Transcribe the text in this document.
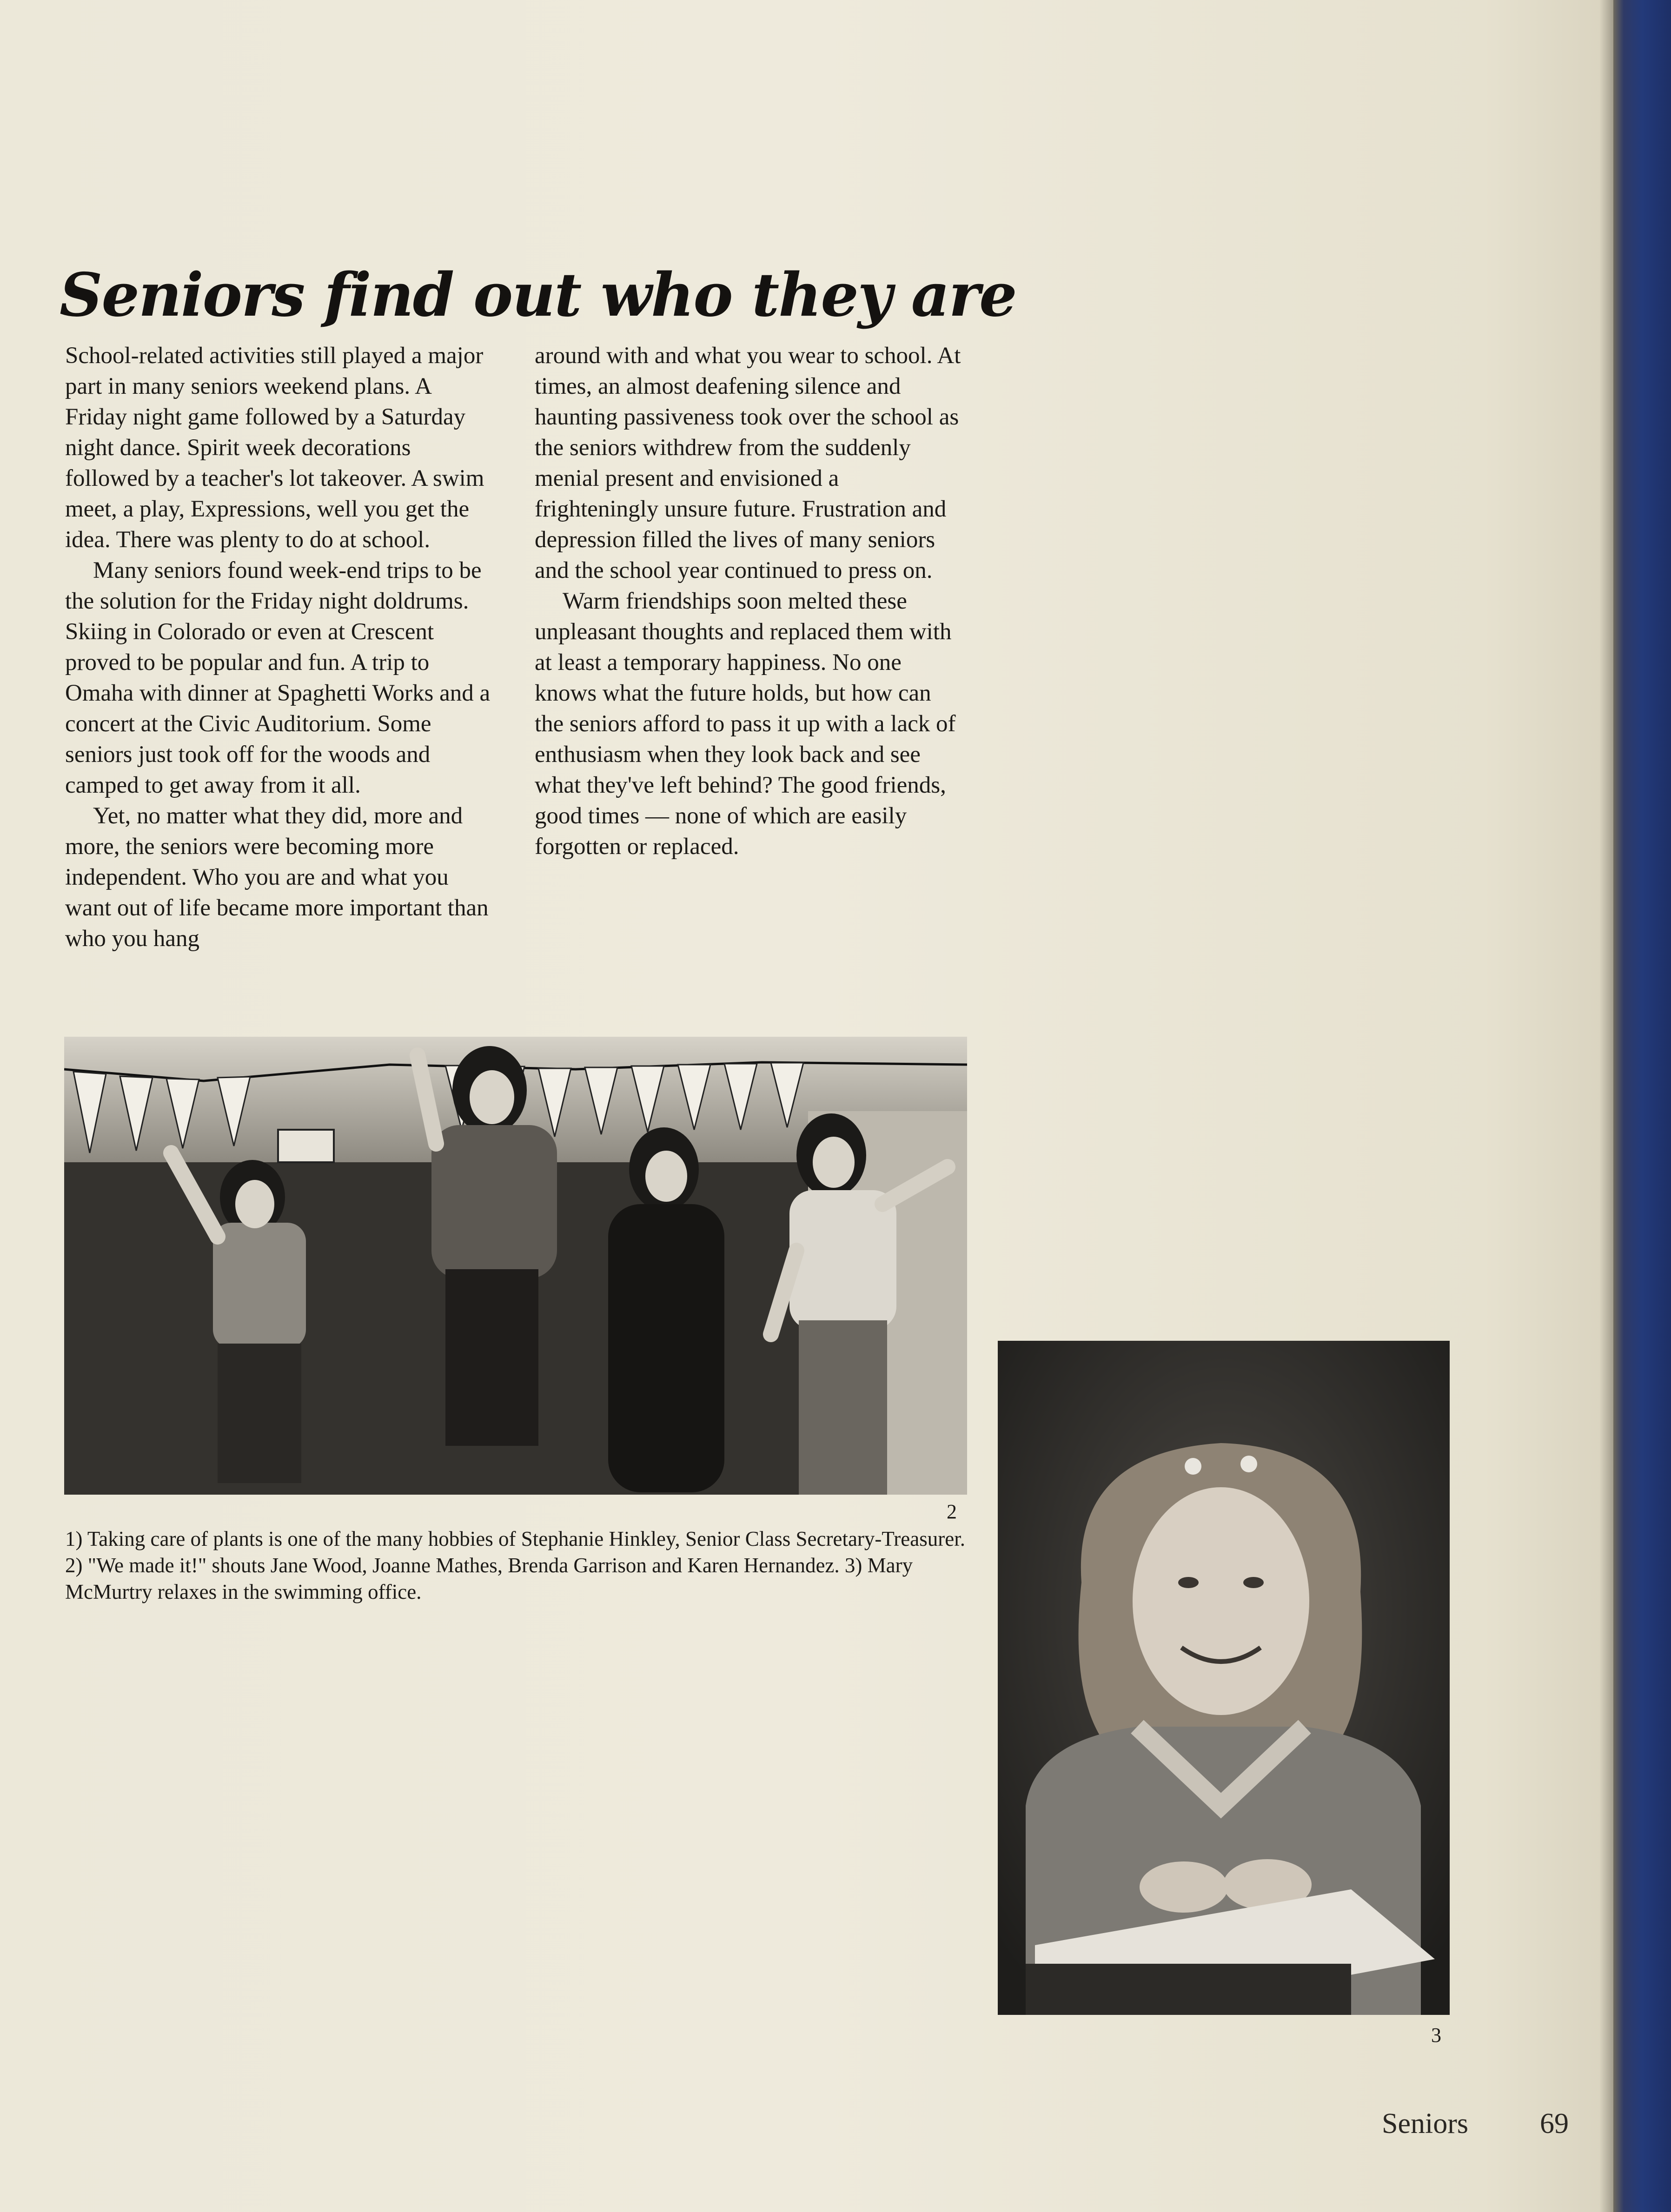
Seniors find out who they are

School-related activities still played a major part in many seniors weekend plans. A Friday night game followed by a Saturday night dance. Spirit week decorations followed by a teacher's lot takeover. A swim meet, a play, Expressions, well you get the idea. There was plenty to do at school.

Many seniors found week-end trips to be the solution for the Friday night doldrums. Skiing in Colorado or even at Crescent proved to be popular and fun. A trip to Omaha with dinner at Spaghetti Works and a concert at the Civic Auditorium. Some seniors just took off for the woods and camped to get away from it all.

Yet, no matter what they did, more and more, the seniors were becoming more independent. Who you are and what you want out of life became more important than who you hang

around with and what you wear to school. At times, an almost deafening silence and haunting passiveness took over the school as the seniors withdrew from the suddenly menial present and envisioned a frighteningly unsure future. Frustration and depression filled the lives of many seniors and the school year continued to press on.

Warm friendships soon melted these unpleasant thoughts and replaced them with at least a temporary happiness. No one knows what the future holds, but how can the seniors afford to pass it up with a lack of enthusiasm when they look back and see what they've left behind? The good friends, good times — none of which are easily forgotten or replaced.

2
3

1) Taking care of plants is one of the many hobbies of Stephanie Hinkley, Senior Class Secretary-Treasurer. 2) "We made it!" shouts Jane Wood, Joanne Mathes, Brenda Garrison and Karen Hernandez. 3) Mary McMurtry relaxes in the swimming office.

Seniors 69
